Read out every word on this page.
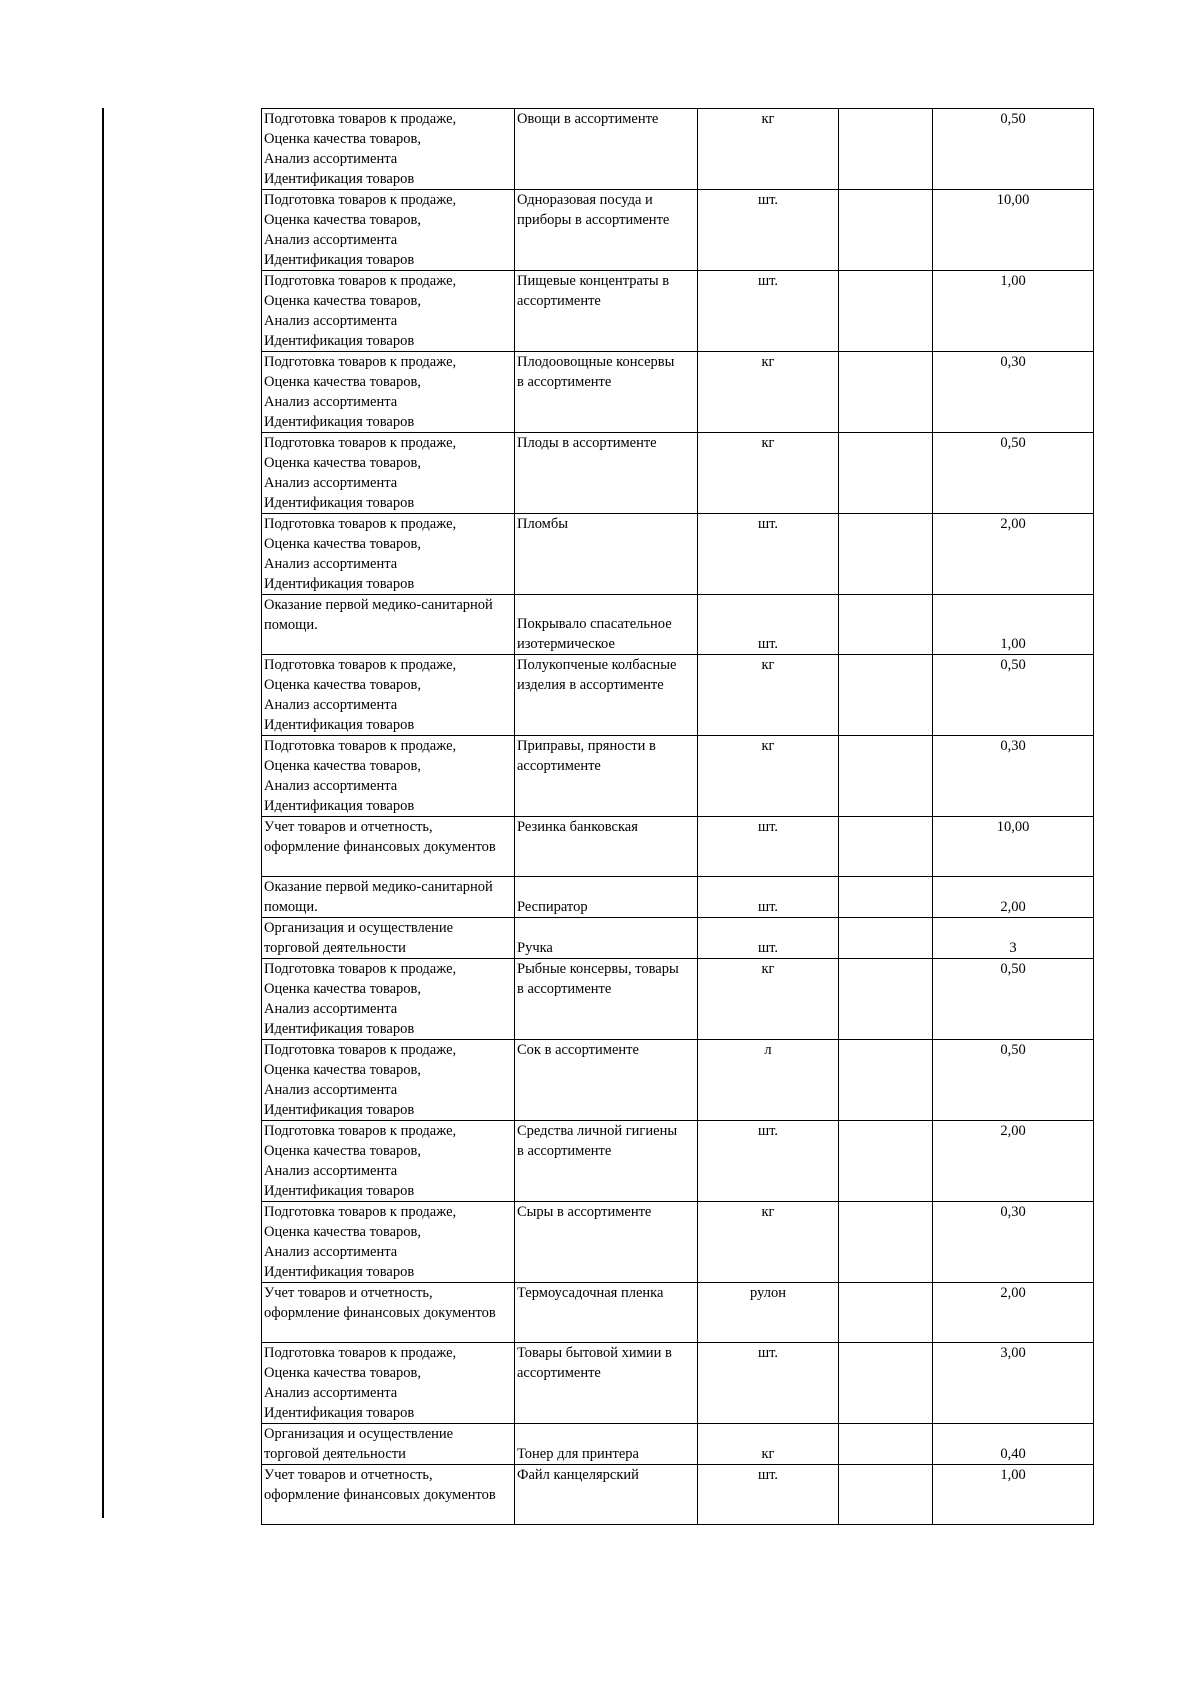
Подготовка товаров к продаже,
Оценка качества товаров,
Анализ ассортимента
Идентификация товаров	Овощи в ассортименте	кг		0,50
Подготовка товаров к продаже,
Оценка качества товаров,
Анализ ассортимента
Идентификация товаров	Одноразовая посуда и
приборы в ассортименте	шт.		10,00
Подготовка товаров к продаже,
Оценка качества товаров,
Анализ ассортимента
Идентификация товаров	Пищевые концентраты в
ассортименте	шт.		1,00
Подготовка товаров к продаже,
Оценка качества товаров,
Анализ ассортимента
Идентификация товаров	Плодоовощные консервы
в ассортименте	кг		0,30
Подготовка товаров к продаже,
Оценка качества товаров,
Анализ ассортимента
Идентификация товаров	Плоды в ассортименте	кг		0,50
Подготовка товаров к продаже,
Оценка качества товаров,
Анализ ассортимента
Идентификация товаров	Пломбы	шт.		2,00
Оказание первой медико-санитарной
помощи.	Покрывало спасательное
изотермическое	шт.		1,00
Подготовка товаров к продаже,
Оценка качества товаров,
Анализ ассортимента
Идентификация товаров	Полукопченые колбасные
изделия в ассортименте	кг		0,50
Подготовка товаров к продаже,
Оценка качества товаров,
Анализ ассортимента
Идентификация товаров	Приправы, пряности в ассортименте	кг		0,30
Учет товаров и отчетность,
оформление финансовых документов	Резинка банковская	шт.		10,00
Оказание первой медико-санитарной
помощи.	Респиратор	шт.		2,00
Организация и осуществление
торговой деятельности	Ручка	шт.		3
Подготовка товаров к продаже,
Оценка качества товаров,
Анализ ассортимента
Идентификация товаров	Рыбные консервы, товары
в ассортименте	кг		0,50
Подготовка товаров к продаже,
Оценка качества товаров,
Анализ ассортимента
Идентификация товаров	Сок в ассортименте	л		0,50
Подготовка товаров к продаже,
Оценка качества товаров,
Анализ ассортимента
Идентификация товаров	Средства личной гигиены
в ассортименте	шт.		2,00
Подготовка товаров к продаже,
Оценка качества товаров,
Анализ ассортимента
Идентификация товаров	Сыры в ассортименте	кг		0,30
Учет товаров и отчетность,
оформление финансовых документов	Термоусадочная пленка	рулон		2,00
Подготовка товаров к продаже,
Оценка качества товаров,
Анализ ассортимента
Идентификация товаров	Товары бытовой химии в
ассортименте	шт.		3,00
Организация и осуществление
торговой деятельности	Тонер для принтера	кг		0,40
Учет товаров и отчетность,
оформление финансовых документов	Файл канцелярский	шт.		1,00
